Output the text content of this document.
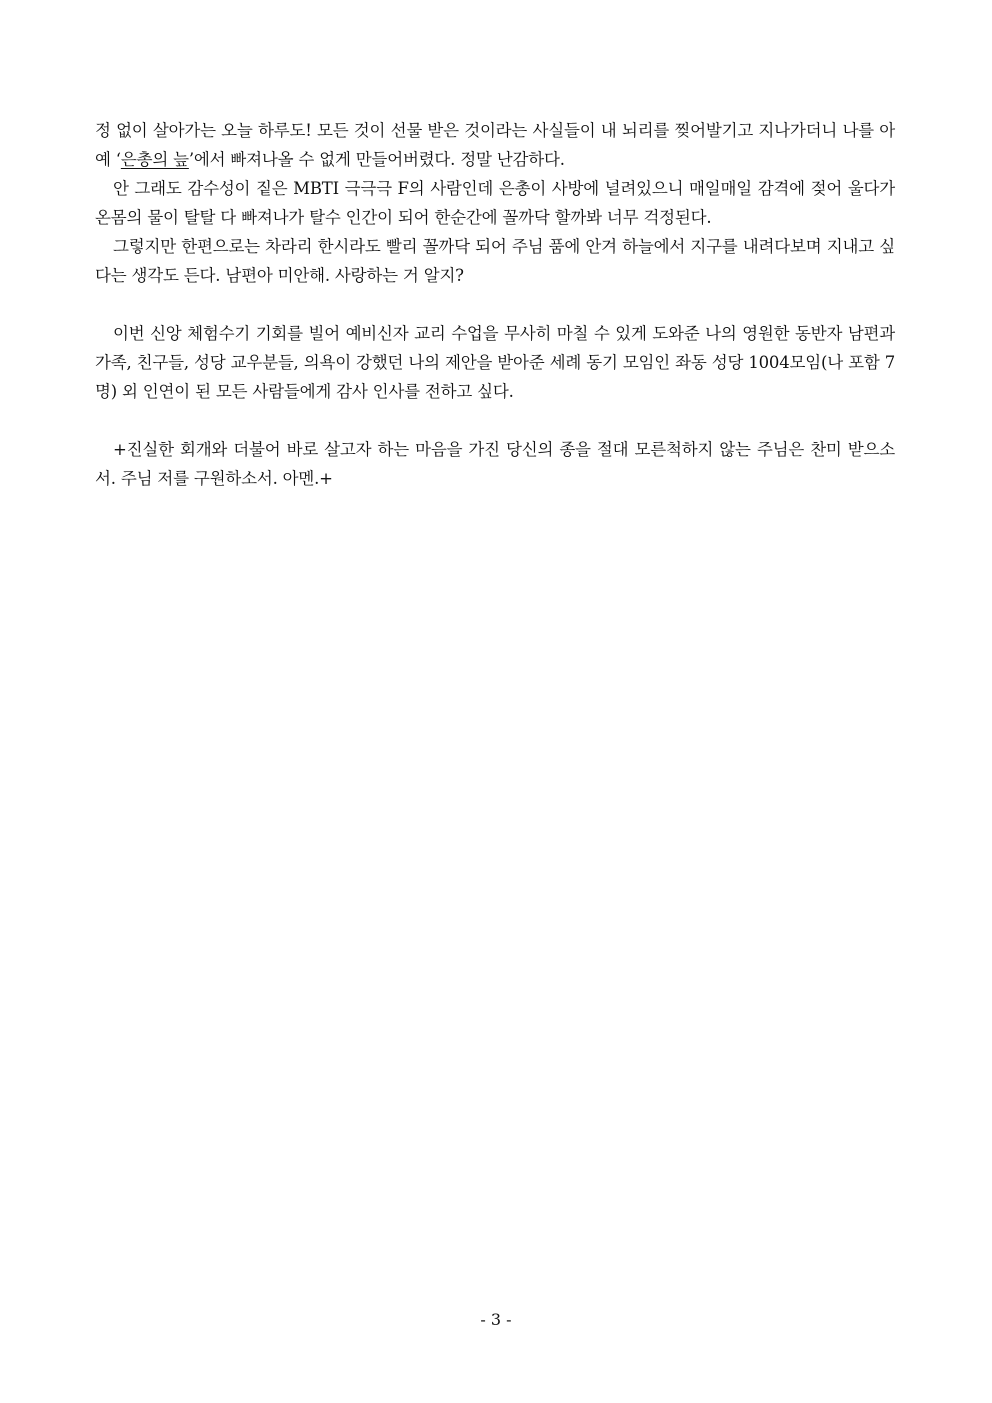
정 없이 살아가는 오늘 하루도! 모든 것이 선물 받은 것이라는 사실들이 내 뇌리를 찢어발기고 지나가더니 나를 아예 ‘은총의 늪’에서 빠져나올 수 없게 만들어버렸다. 정말 난감하다.

안 그래도 감수성이 짙은 MBTI 극극극 F의 사람인데 은총이 사방에 널려있으니 매일매일 감격에 젖어 울다가 온몸의 물이 탈탈 다 빠져나가 탈수 인간이 되어 한순간에 꼴까닥 할까봐 너무 걱정된다.

그렇지만 한편으로는 차라리 한시라도 빨리 꼴까닥 되어 주님 품에 안겨 하늘에서 지구를 내려다보며 지내고 싶다는 생각도 든다. 남편아 미안해. 사랑하는 거 알지?

이번 신앙 체험수기 기회를 빌어 예비신자 교리 수업을 무사히 마칠 수 있게 도와준 나의 영원한 동반자 남편과 가족, 친구들, 성당 교우분들, 의욕이 강했던 나의 제안을 받아준 세례 동기 모임인 좌동 성당 1004모임(나 포함 7명) 외 인연이 된 모든 사람들에게 감사 인사를 전하고 싶다.

+진실한 회개와 더불어 바로 살고자 하는 마음을 가진 당신의 종을 절대 모른척하지 않는 주님은 찬미 받으소서. 주님 저를 구원하소서. 아멘.+

- 3 -
